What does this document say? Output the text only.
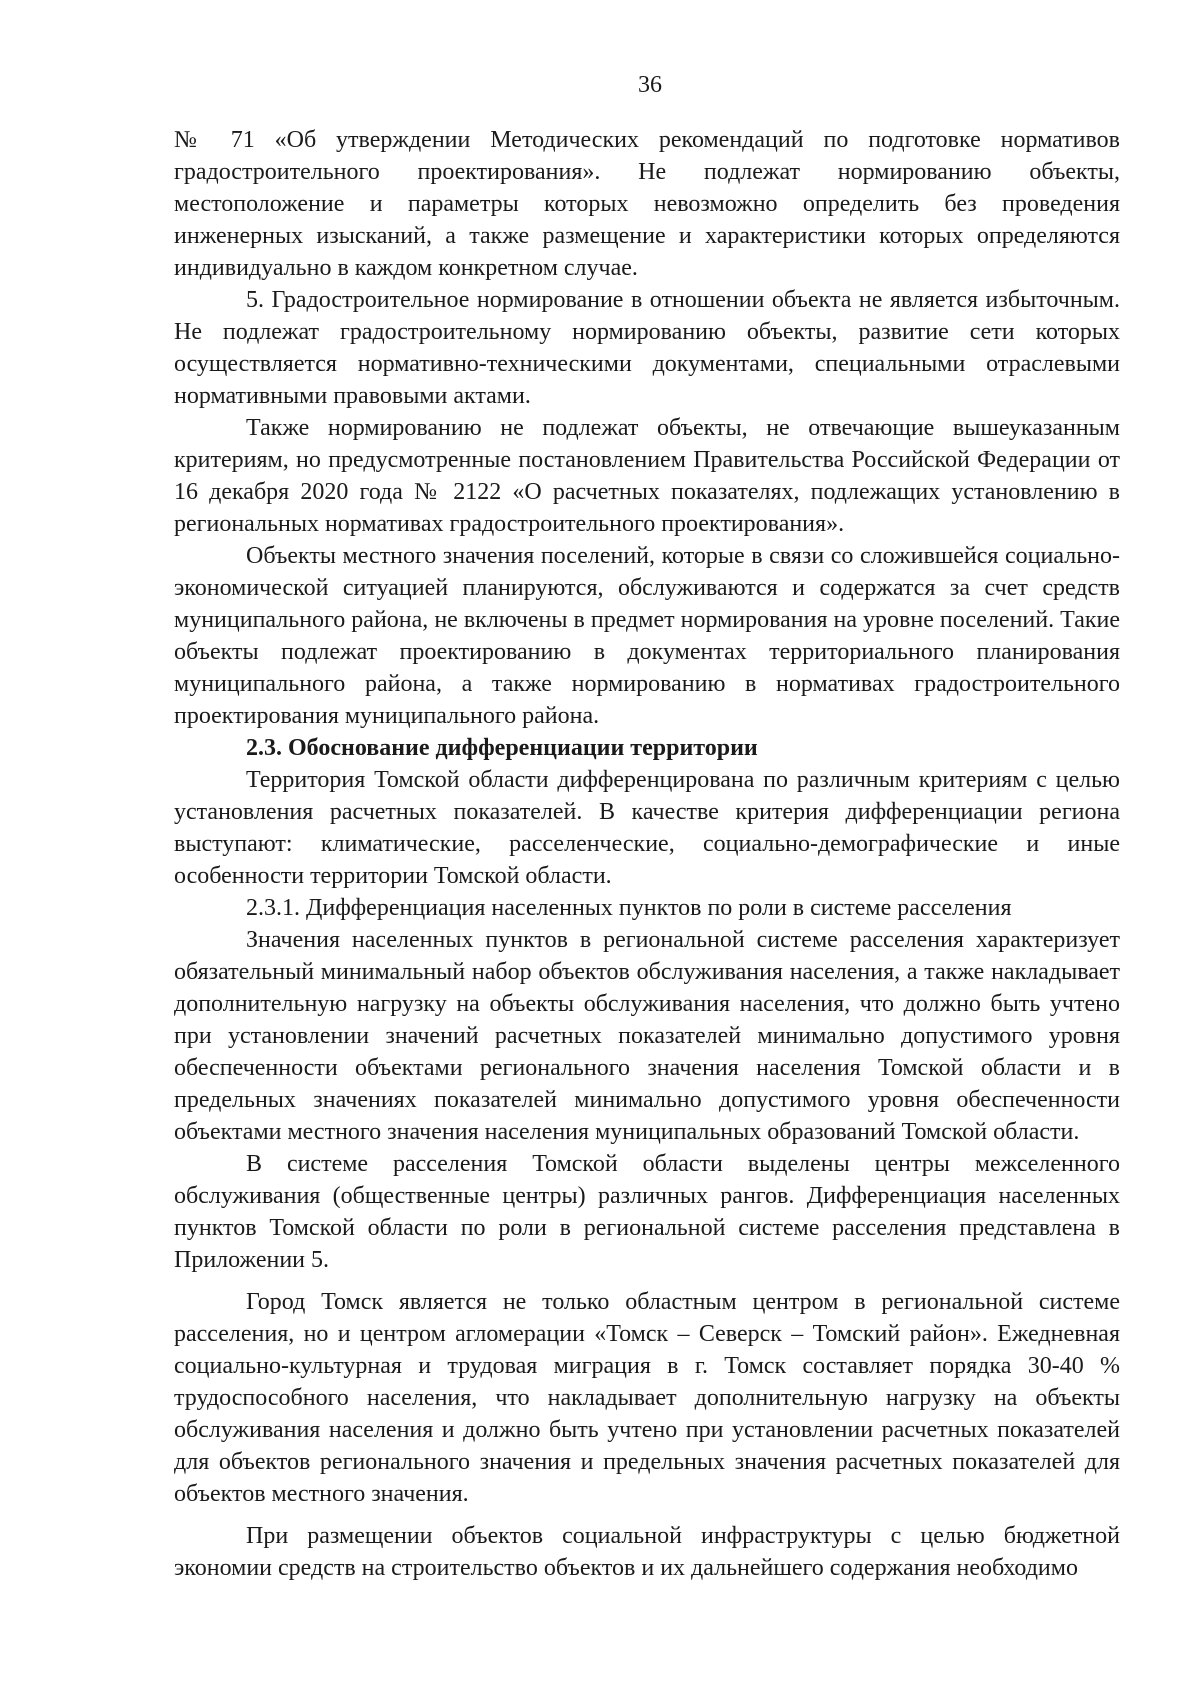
36

№ 71 «Об утверждении Методических рекомендаций по подготовке нормативов градостроительного проектирования». Не подлежат нормированию объекты, местоположение и параметры которых невозможно определить без проведения инженерных изысканий, а также размещение и характеристики которых определяются индивидуально в каждом конкретном случае.

5. Градостроительное нормирование в отношении объекта не является избыточным. Не подлежат градостроительному нормированию объекты, развитие сети которых осуществляется нормативно-техническими документами, специальными отраслевыми нормативными правовыми актами.

Также нормированию не подлежат объекты, не отвечающие вышеуказанным критериям, но предусмотренные постановлением Правительства Российской Федерации от 16 декабря 2020 года № 2122 «О расчетных показателях, подлежащих установлению в региональных нормативах градостроительного проектирования».

Объекты местного значения поселений, которые в связи со сложившейся социально-экономической ситуацией планируются, обслуживаются и содержатся за счет средств муниципального района, не включены в предмет нормирования на уровне поселений. Такие объекты подлежат проектированию в документах территориального планирования муниципального района, а также нормированию в нормативах градостроительного проектирования муниципального района.

2.3. Обоснование дифференциации территории

Территория Томской области дифференцирована по различным критериям с целью установления расчетных показателей. В качестве критерия дифференциации региона выступают: климатические, расселенческие, социально-демографические и иные особенности территории Томской области.

2.3.1. Дифференциация населенных пунктов по роли в системе расселения

Значения населенных пунктов в региональной системе расселения характеризует обязательный минимальный набор объектов обслуживания населения, а также накладывает дополнительную нагрузку на объекты обслуживания населения, что должно быть учтено при установлении значений расчетных показателей минимально допустимого уровня обеспеченности объектами регионального значения населения Томской области и в предельных значениях показателей минимально допустимого уровня обеспеченности объектами местного значения населения муниципальных образований Томской области.

В системе расселения Томской области выделены центры межселенного обслуживания (общественные центры) различных рангов. Дифференциация населенных пунктов Томской области по роли в региональной системе расселения представлена в Приложении 5.

Город Томск является не только областным центром в региональной системе расселения, но и центром агломерации «Томск – Северск – Томский район». Ежедневная социально-культурная и трудовая миграция в г. Томск составляет порядка 30-40 % трудоспособного населения, что накладывает дополнительную нагрузку на объекты обслуживания населения и должно быть учтено при установлении расчетных показателей для объектов регионального значения и предельных значения расчетных показателей для объектов местного значения.

При размещении объектов социальной инфраструктуры с целью бюджетной экономии средств на строительство объектов и их дальнейшего содержания необходимо
